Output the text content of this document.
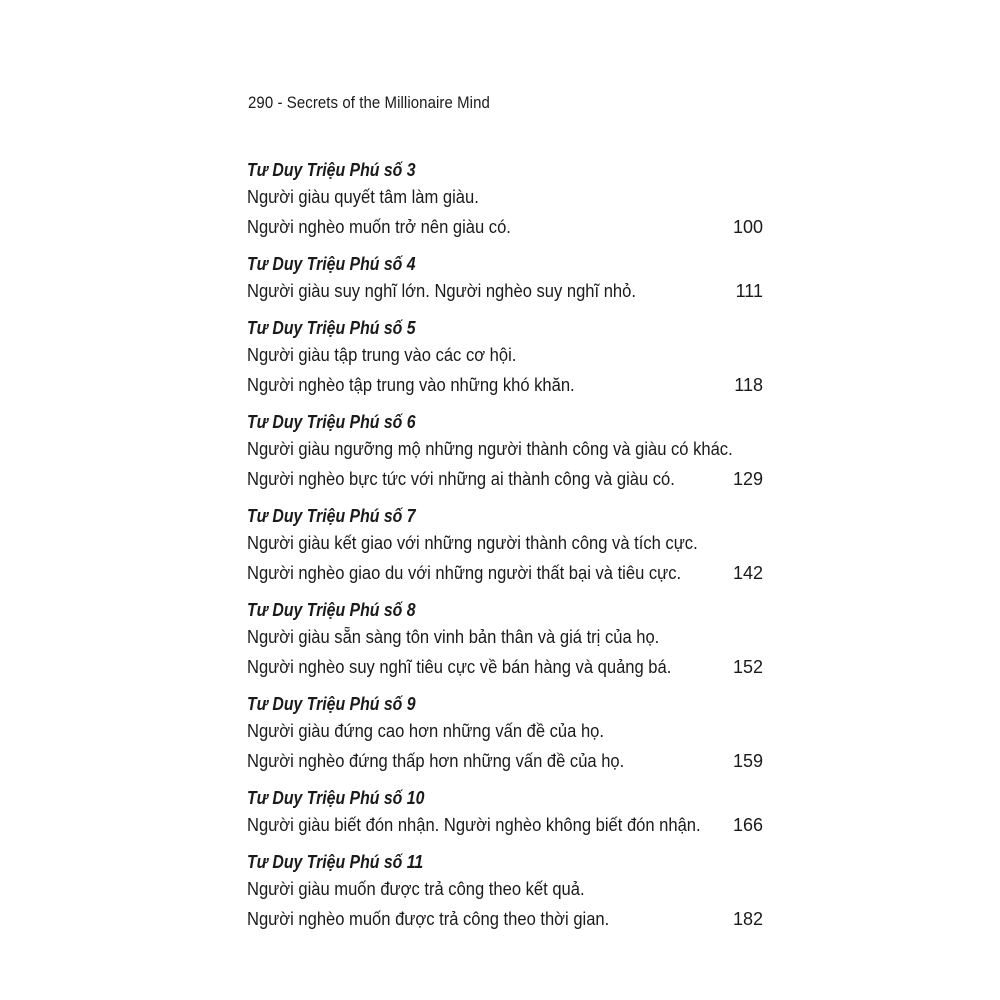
290 - Secrets of the Millionaire Mind
Tư Duy Triệu Phú số 3
Người giàu quyết tâm làm giàu.
Người nghèo muốn trở nên giàu có.	100
Tư Duy Triệu Phú số 4
Người giàu suy nghĩ lớn. Người nghèo suy nghĩ nhỏ.	111
Tư Duy Triệu Phú số 5
Người giàu tập trung vào các cơ hội.
Người nghèo tập trung vào những khó khăn.	118
Tư Duy Triệu Phú số 6
Người giàu ngưỡng mộ những người thành công và giàu có khác.
Người nghèo bực tức với những ai thành công và giàu có.	129
Tư Duy Triệu Phú số 7
Người giàu kết giao với những người thành công và tích cực.
Người nghèo giao du với những người thất bại và tiêu cực.	142
Tư Duy Triệu Phú số 8
Người giàu sẵn sàng tôn vinh bản thân và giá trị của họ.
Người nghèo suy nghĩ tiêu cực về bán hàng và quảng bá.	152
Tư Duy Triệu Phú số 9
Người giàu đứng cao hơn những vấn đề của họ.
Người nghèo đứng thấp hơn những vấn đề của họ.	159
Tư Duy Triệu Phú số 10
Người giàu biết đón nhận. Người nghèo không biết đón nhận. 166
Tư Duy Triệu Phú số 11
Người giàu muốn được trả công theo kết quả.
Người nghèo muốn được trả công theo thời gian.	182
